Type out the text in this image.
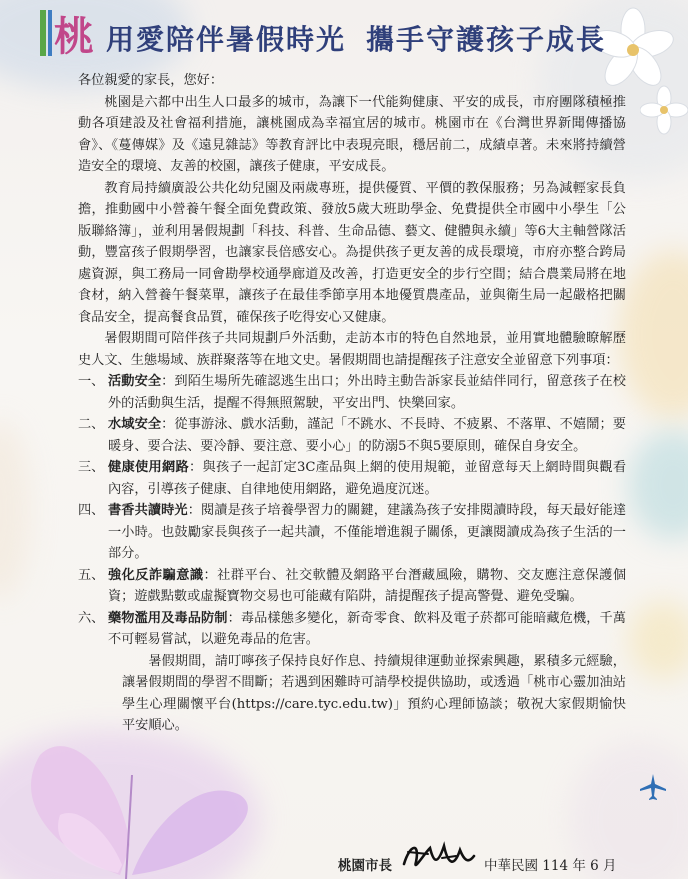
桃 用愛陪伴暑假時光 攜手守護孩子成長

各位親愛的家長，您好：

桃園是六都中出生人口最多的城市，為讓下一代能夠健康、平安的成長，市府團隊積極推動各項建設及社會福利措施，讓桃園成為幸福宜居的城市。桃園市在《台灣世界新聞傳播協會》、《蔓傳媒》及《遠見雜誌》等教育評比中表現亮眼，穩居前二，成績卓著。未來將持續營造安全的環境、友善的校園，讓孩子健康，平安成長。

教育局持續廣設公共化幼兒園及兩歲專班，提供優質、平價的教保服務；另為減輕家長負擔，推動國中小營養午餐全面免費政策、發放5歲大班助學金、免費提供全市國中小學生「公版聯絡簿」，並利用暑假規劃「科技、科普、生命品德、藝文、健體與永續」等6大主軸營隊活動，豐富孩子假期學習，也讓家長倍感安心。為提供孩子更友善的成長環境，市府亦整合跨局處資源，與工務局一同會勘學校通學廊道及改善，打造更安全的步行空間；結合農業局將在地食材，納入營養午餐菜單，讓孩子在最佳季節享用本地優質農產品，並與衛生局一起嚴格把關食品安全，提高餐食品質，確保孩子吃得安心又健康。

暑假期間可陪伴孩子共同規劃戶外活動，走訪本市的特色自然地景，並用實地體驗瞭解歷史人文、生態場域、族群聚落等在地文史。暑假期間也請提醒孩子注意安全並留意下列事項：

一、 活動安全：到陌生場所先確認逃生出口；外出時主動告訴家長並結伴同行，留意孩子在校外的活動與生活，提醒不得無照駕駛，平安出門、快樂回家。
二、 水域安全：從事游泳、戲水活動，謹記「不跳水、不長時、不疲累、不落單、不嬉鬧；要暖身、要合法、要冷靜、要注意、要小心」的防溺5不與5要原則，確保自身安全。
三、 健康使用網路：與孩子一起訂定3C產品與上網的使用規範，並留意每天上網時間與觀看內容，引導孩子健康、自律地使用網路，避免過度沉迷。
四、 書香共讀時光：閱讀是孩子培養學習力的關鍵，建議為孩子安排閱讀時段，每天最好能達一小時。也鼓勵家長與孩子一起共讀，不僅能增進親子關係，更讓閱讀成為孩子生活的一部分。
五、 強化反詐騙意識：社群平台、社交軟體及網路平台潛藏風險，購物、交友應注意保護個資；遊戲點數或虛擬寶物交易也可能藏有陷阱，請提醒孩子提高警覺、避免受騙。
六、 藥物濫用及毒品防制：毒品樣態多變化，新奇零食、飲料及電子菸都可能暗藏危機，千萬不可輕易嘗試，以避免毒品的危害。

暑假期間，請叮嚀孩子保持良好作息、持續規律運動並探索興趣，累積多元經驗，讓暑假期間的學習不間斷；若遇到困難時可請學校提供協助，或透過「桃市心靈加油站學生心理關懷平台(https://care.tyc.edu.tw)」預約心理師協談；敬祝大家假期愉快 平安順心。

桃園市長	中華民國 114 年 6 月
